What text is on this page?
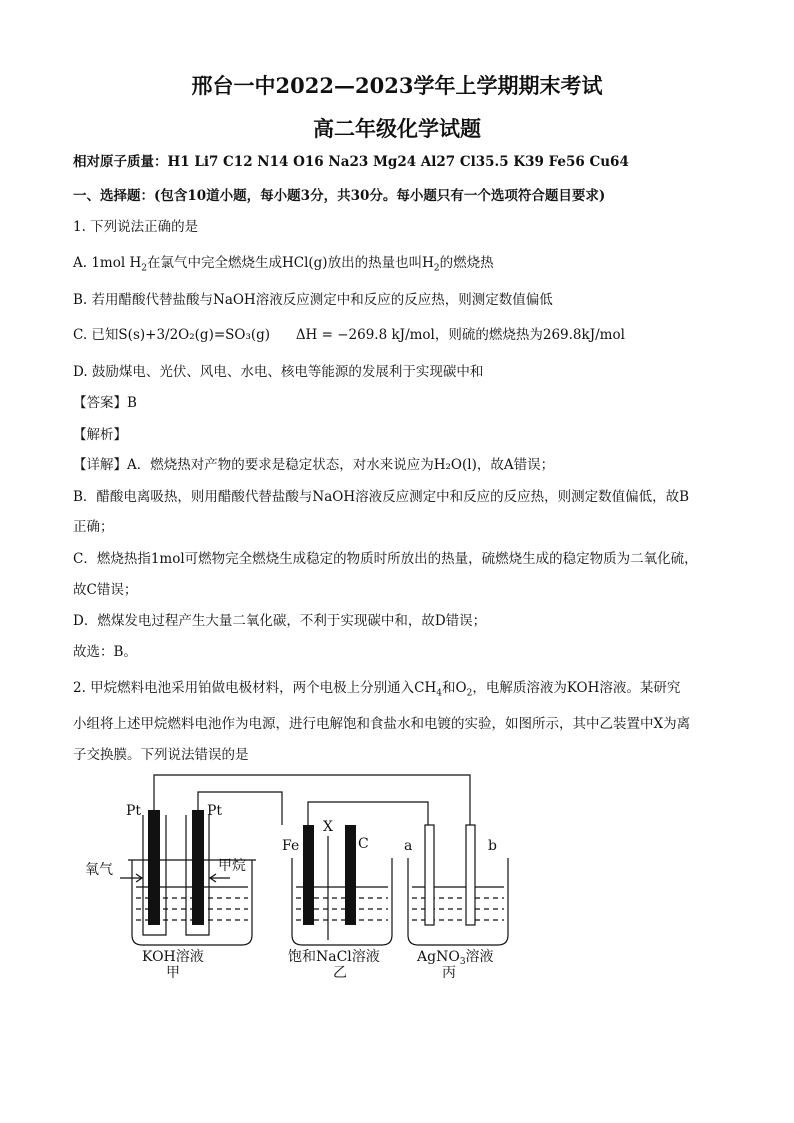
邢台一中2022—2023学年上学期期末考试
高二年级化学试题
相对原子质量：H1 Li7 C12 N14 O16 Na23 Mg24 Al27 Cl35.5 K39 Fe56 Cu64
一、选择题：(包含10道小题，每小题3分，共30分。每小题只有一个选项符合题目要求)
1. 下列说法正确的是
A. 1mol $H_2$在氯气中完全燃烧生成HCl(g)放出的热量也叫$H_2$的燃烧热
B. 若用醋酸代替盐酸与NaOH溶液反应测定中和反应的反应热，则测定数值偏低
C. 已知S(s)+3/2O₂(g)=SO₃(g) ΔH = −269.8 kJ/mol，则硫的燃烧热为269.8kJ/mol
D. 鼓励煤电、光伏、风电、水电、核电等能源的发展利于实现碳中和
【答案】B
【解析】
【详解】A．燃烧热对产物的要求是稳定状态，对水来说应为H₂O(l)，故A错误；
B．醋酸电离吸热，则用醋酸代替盐酸与NaOH溶液反应测定中和反应的反应热，则测定数值偏低，故B
正确；
C．燃烧热指1mol可燃物完全燃烧生成稳定的物质时所放出的热量，硫燃烧生成的稳定物质为二氧化硫，
故C错误；
D．燃煤发电过程产生大量二氧化碳，不利于实现碳中和，故D错误；
故选：B。
2. 甲烷燃料电池采用铂做电极材料，两个电极上分别通入$CH_4$和$O_2$，电解质溶液为KOH溶液。某研究
小组将上述甲烷燃料电池作为电源，进行电解饱和食盐水和电镀的实验，如图所示，其中乙装置中X为离
子交换膜。下列说法错误的是
Pt	Pt
氧气	甲烷
KOH溶液
甲
Fe
X
C
饱和NaCl溶液
乙
a	b
AgNO$_3$溶液
丙
